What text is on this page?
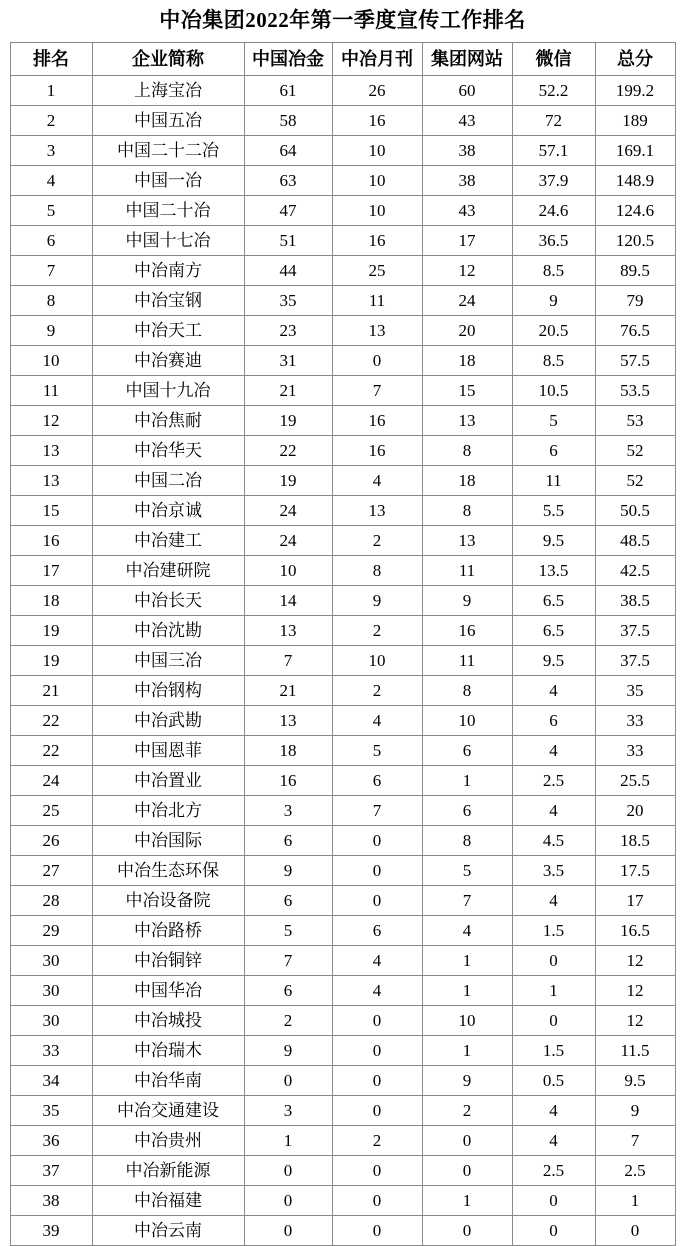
中冶集团2022年第一季度宣传工作排名
排名	企业简称	中国冶金	中冶月刊	集团网站	微信	总分
1	上海宝冶	61	26	60	52.2	199.2
2	中国五冶	58	16	43	72	189
3	中国二十二冶	64	10	38	57.1	169.1
4	中国一冶	63	10	38	37.9	148.9
5	中国二十冶	47	10	43	24.6	124.6
6	中国十七冶	51	16	17	36.5	120.5
7	中冶南方	44	25	12	8.5	89.5
8	中冶宝钢	35	11	24	9	79
9	中冶天工	23	13	20	20.5	76.5
10	中冶赛迪	31	0	18	8.5	57.5
11	中国十九冶	21	7	15	10.5	53.5
12	中冶焦耐	19	16	13	5	53
13	中冶华天	22	16	8	6	52
13	中国二冶	19	4	18	11	52
15	中冶京诚	24	13	8	5.5	50.5
16	中冶建工	24	2	13	9.5	48.5
17	中冶建研院	10	8	11	13.5	42.5
18	中冶长天	14	9	9	6.5	38.5
19	中冶沈勘	13	2	16	6.5	37.5
19	中国三冶	7	10	11	9.5	37.5
21	中冶钢构	21	2	8	4	35
22	中冶武勘	13	4	10	6	33
22	中国恩菲	18	5	6	4	33
24	中冶置业	16	6	1	2.5	25.5
25	中冶北方	3	7	6	4	20
26	中冶国际	6	0	8	4.5	18.5
27	中冶生态环保	9	0	5	3.5	17.5
28	中冶设备院	6	0	7	4	17
29	中冶路桥	5	6	4	1.5	16.5
30	中冶铜锌	7	4	1	0	12
30	中国华冶	6	4	1	1	12
30	中冶城投	2	0	10	0	12
33	中冶瑞木	9	0	1	1.5	11.5
34	中冶华南	0	0	9	0.5	9.5
35	中冶交通建设	3	0	2	4	9
36	中冶贵州	1	2	0	4	7
37	中冶新能源	0	0	0	2.5	2.5
38	中冶福建	0	0	1	0	1
39	中冶云南	0	0	0	0	0
